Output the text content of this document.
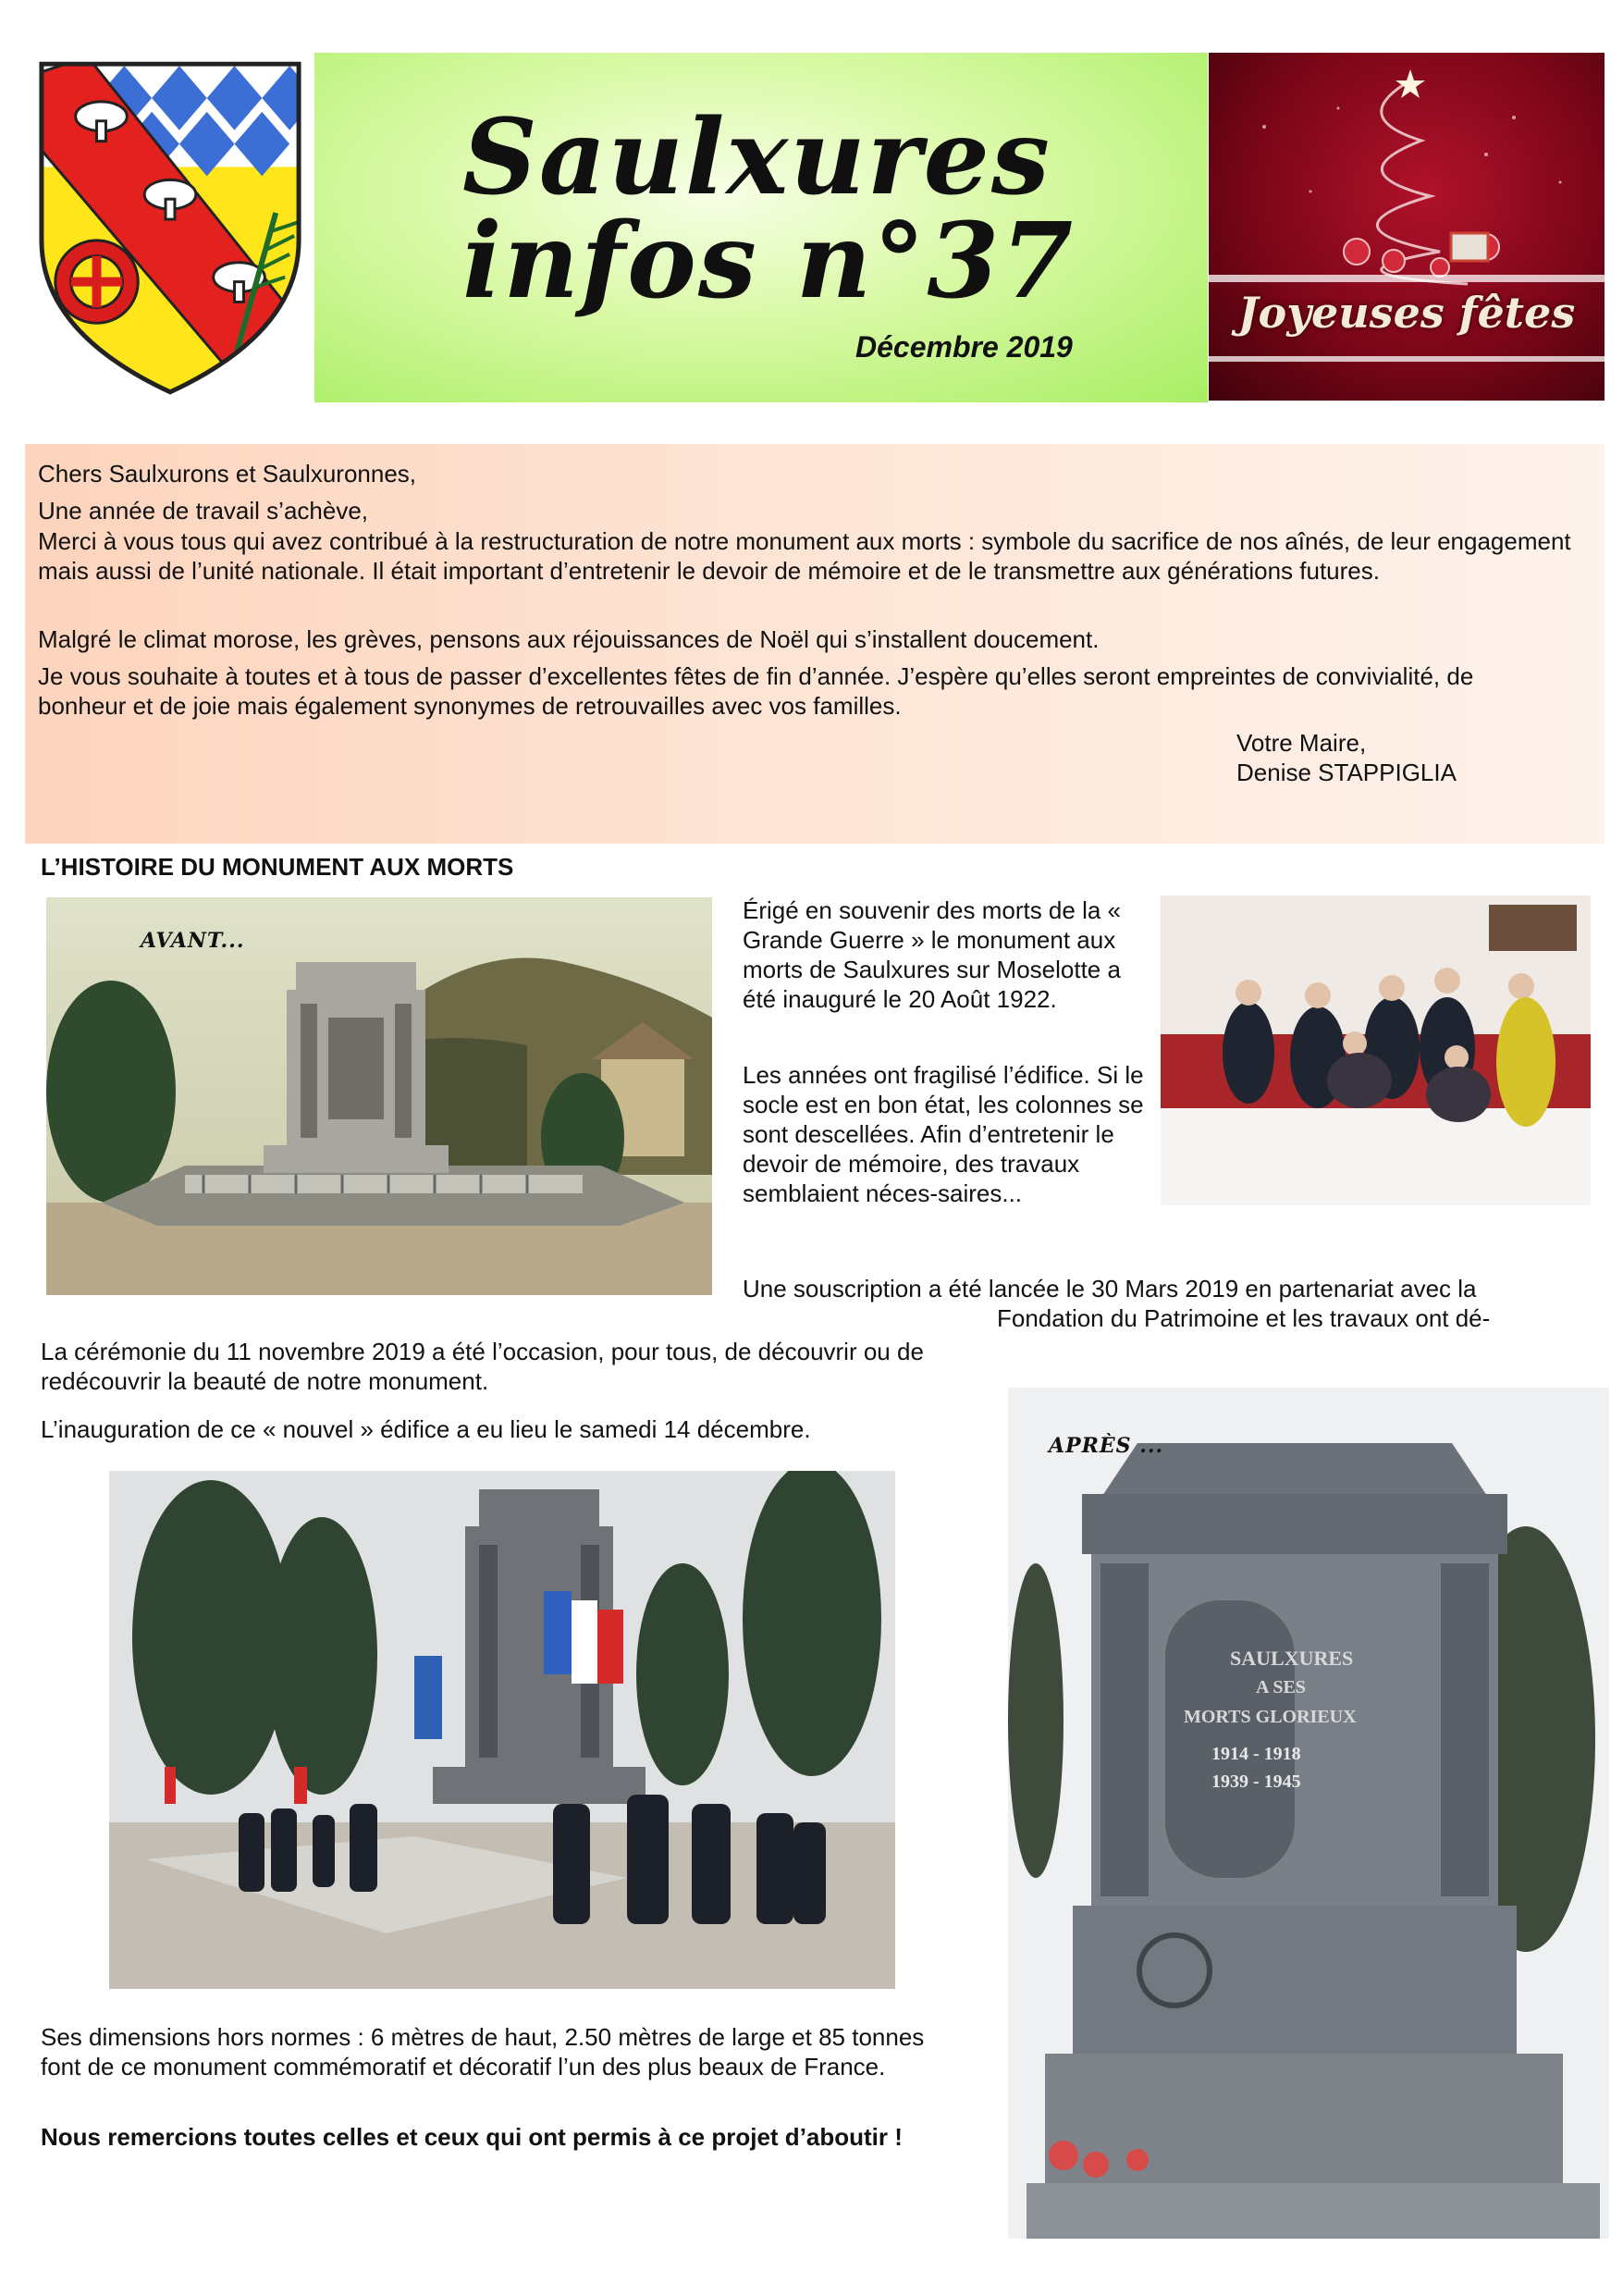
Saulxures
infos n°37
Décembre 2019
Joyeuses fêtes
Chers Saulxurons et Saulxuronnes,
Une année de travail s’achève,
Merci à vous tous qui avez contribué à la restructuration de notre monument aux morts : symbole du sacrifice de nos aînés, de leur engagement mais aussi de l’unité nationale. Il était important d’entretenir le devoir de mémoire et de le transmettre aux générations futures.
Malgré le climat morose, les grèves, pensons aux réjouissances de Noël qui s’installent doucement.
Je vous souhaite à toutes et à tous de passer d’excellentes fêtes de fin d’année. J’espère qu’elles seront empreintes de convivialité, de bonheur et de joie mais également synonymes de retrouvailles avec vos familles.
Votre Maire,
Denise STAPPIGLIA
L’HISTOIRE DU MONUMENT AUX MORTS
AVANT...
Érigé en souvenir des morts de la « Grande Guerre » le monument aux morts de Saulxures sur Moselotte a été inauguré le 20 Août 1922.
Les années ont fragilisé l’édifice. Si le socle est en bon état, les colonnes se sont descellées. Afin d’entretenir le devoir de mémoire, des travaux semblaient néces-saires...
Une souscription a été lancée le 30 Mars 2019 en partenariat avec la
Fondation du Patrimoine et les travaux ont dé-
La cérémonie du 11 novembre 2019 a été l’occasion, pour tous, de découvrir ou de redécouvrir la beauté de notre monument.
L’inauguration de ce « nouvel » édifice a eu lieu le samedi 14 décembre.
Ses dimensions hors normes : 6 mètres de haut, 2.50 mètres de large et 85 tonnes font de ce monument commémoratif et décoratif l’un des plus beaux de France.
Nous remercions toutes celles et ceux qui ont permis à ce projet d’aboutir !
SAULXURES
A SES
MORTS GLORIEUX
1914 - 1918
1939 - 1945
APRÈS ...
